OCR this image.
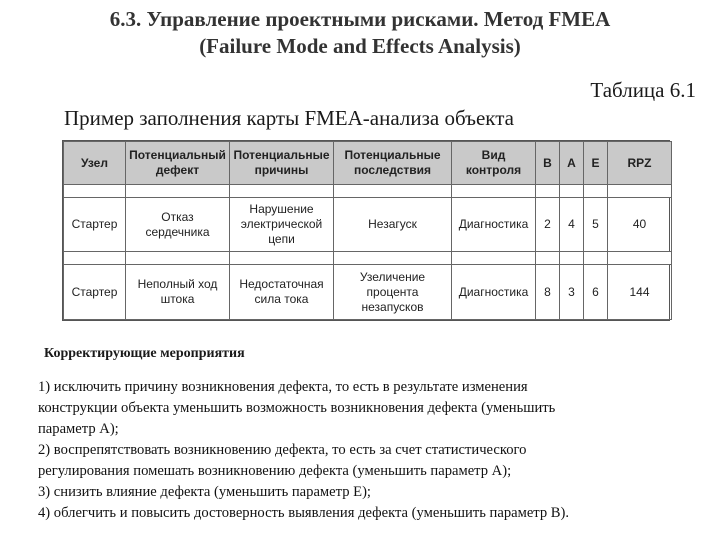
6.3. Управление проектными рисками. Метод FMEA
(Failure Mode and Effects Analysis)
Таблица 6.1
Пример заполнения карты FMEA-анализа объекта
Узел	Потенциальный дефект	Потенциальные причины	Потенциальные последствия	Вид контроля	B	A	E	RPZ

Стартер	Отказ сердечника	Нарушение электрической цепи	Незагуск	Диагностика	2	4	5	40

Стартер	Неполный ход штока	Недостаточная сила тока	Узеличение процента незапусков	Диагностика	8	3	6	144
Корректирующие мероприятия
1) исключить причину возникновения дефекта, то есть в результате изменения
конструкции объекта уменьшить возможность возникновения дефекта (уменьшить
параметр A);
2) воспрепятствовать возникновению дефекта, то есть за счет статистического
регулирования помешать возникновению дефекта (уменьшить параметр A);
3) снизить влияние дефекта (уменьшить параметр E);
4) облегчить и повысить достоверность выявления дефекта (уменьшить параметр B).
